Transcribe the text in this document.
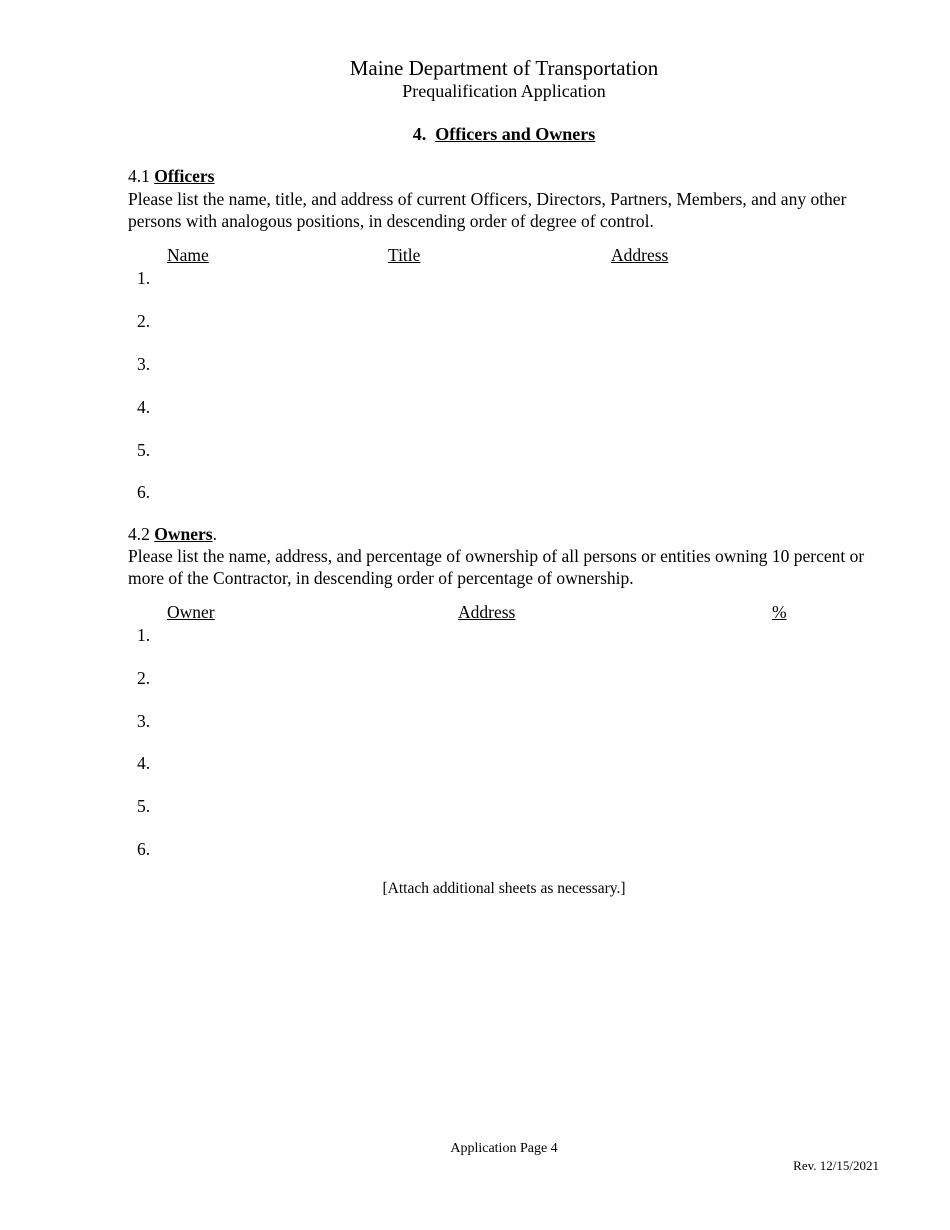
Maine Department of Transportation
Prequalification Application
4. Officers and Owners
4.1 Officers
Please list the name, title, and address of current Officers, Directors, Partners, Members, and any other persons with analogous positions, in descending order of degree of control.
Name	Title	Address
1.
2.
3.
4.
5.
6.
4.2 Owners.
Please list the name, address, and percentage of ownership of all persons or entities owning 10 percent or more of the Contractor, in descending order of percentage of ownership.
Owner	Address	%
1.
2.
3.
4.
5.
6.
[Attach additional sheets as necessary.]
Application Page 4
Rev. 12/15/2021
